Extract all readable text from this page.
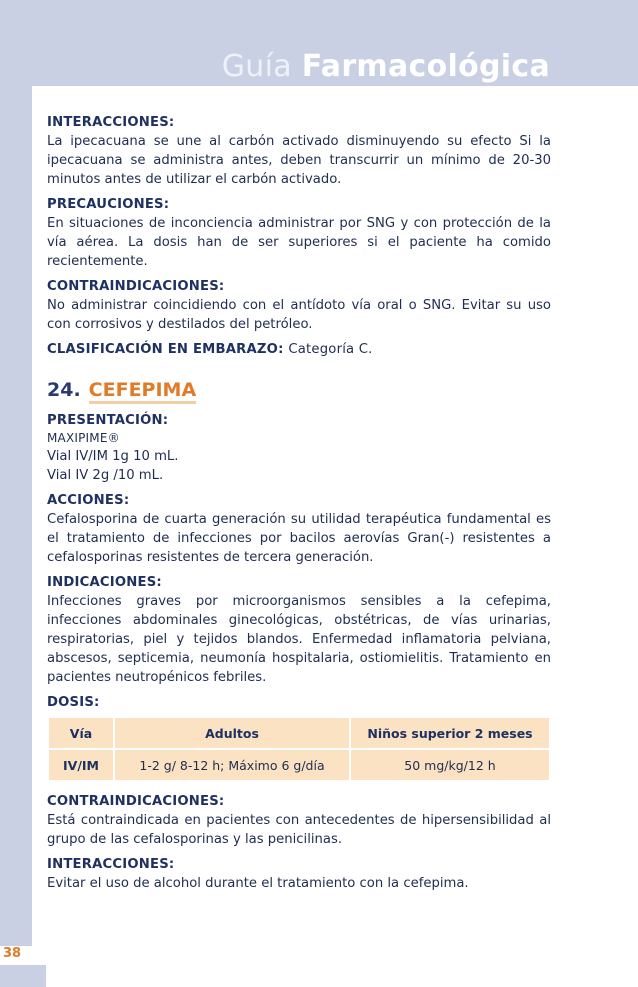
Guía Farmacológica
38

INTERACCIONES:

La ipecacuana se une al carbón activado disminuyendo su efecto Si la ipecacuana se administra antes, deben transcurrir un mínimo de 20-30 minutos antes de utilizar el carbón activado.

PRECAUCIONES:

En situaciones de inconciencia administrar por SNG y con protección de la vía aérea. La dosis han de ser superiores si el paciente ha comido recientemente.

CONTRAINDICACIONES:

No administrar coincidiendo con el antídoto vía oral o SNG. Evitar su uso con corrosivos y destilados del petróleo.

CLASIFICACIÓN EN EMBARAZO: Categoría C.

24. CEFEPIMA

PRESENTACIÓN:

MAXIPIME®

Vial IV/IM 1g 10 mL.

Vial IV 2g /10 mL.

ACCIONES:

Cefalosporina de cuarta generación su utilidad terapéutica fundamental es el tratamiento de infecciones por bacilos aerovías Gran(-) resistentes a cefalosporinas resistentes de tercera generación.

INDICACIONES:

Infecciones graves por microorganismos sensibles a la cefepima, infecciones abdominales ginecológicas, obstétricas, de vías urinarias, respiratorias, piel y tejidos blandos. Enfermedad inflamatoria pelviana, abscesos, septicemia, neumonía hospitalaria, ostiomielitis. Tratamiento en pacientes neutropénicos febriles.

DOSIS:

Vía	Adultos	Niños superior 2 meses
IV/IM	1-2 g/ 8-12 h; Máximo 6 g/día	50 mg/kg/12 h

CONTRAINDICACIONES:

Está contraindicada en pacientes con antecedentes de hipersensibilidad al grupo de las cefalosporinas y las penicilinas.

INTERACCIONES:

Evitar el uso de alcohol durante el tratamiento con la cefepima.
